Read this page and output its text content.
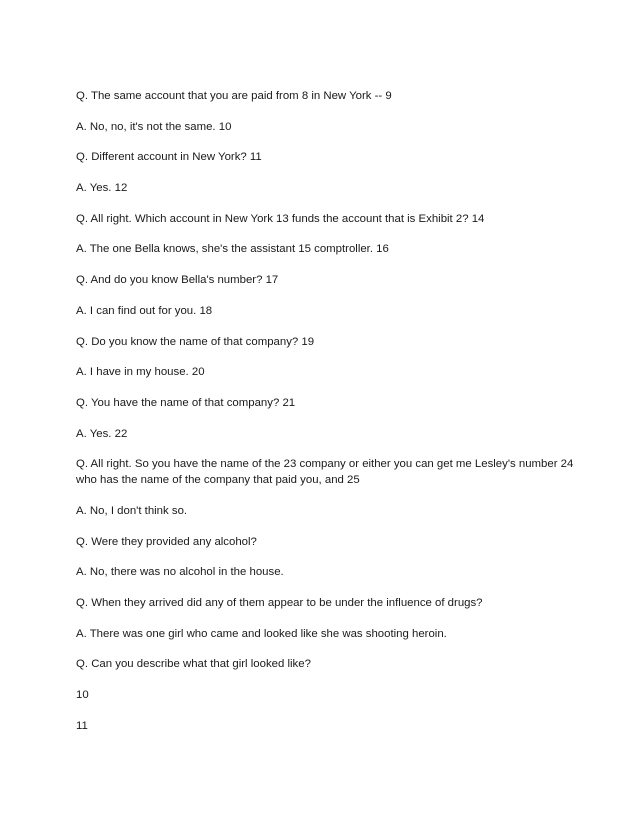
Q. The same account that you are paid from 8 in New York -- 9
A. No, no, it's not the same. 10
Q. Different account in New York? 11
A. Yes. 12
Q. All right. Which account in New York 13 funds the account that is Exhibit 2? 14
A. The one Bella knows, she's the assistant 15 comptroller. 16
Q. And do you know Bella's number? 17
A. I can find out for you. 18
Q. Do you know the name of that company? 19
A. I have in my house. 20
Q. You have the name of that company? 21
A. Yes. 22
Q. All right. So you have the name of the 23 company or either you can get me Lesley's number 24 who has the name of the company that paid you, and 25
A. No, I don't think so.
Q. Were they provided any alcohol?
A. No, there was no alcohol in the house.
Q. When they arrived did any of them appear to be under the influence of drugs?
A. There was one girl who came and looked like she was shooting heroin.
Q. Can you describe what that girl looked like?
10
11
